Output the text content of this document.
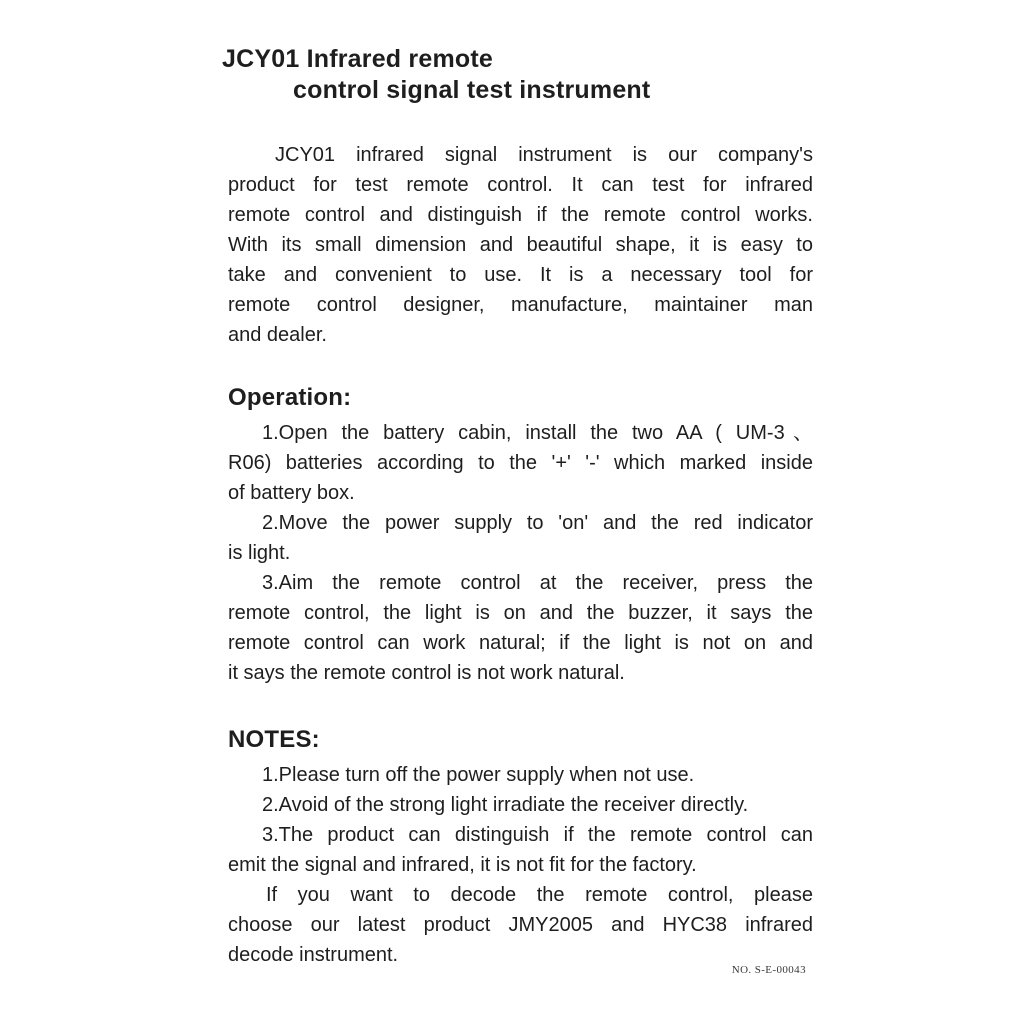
JCY01 Infrared remote
control signal test instrument
JCY01 infrared signal instrument is our company's
product for test remote control. It can test for infrared
remote control and distinguish if the remote control works.
With its small dimension and beautiful shape, it is easy to
take and convenient to use. It is a necessary tool for
remote control designer, manufacture, maintainer man
and dealer.
Operation:
1.Open the battery cabin, install the two AA ( UM-3、
R06) batteries according to the '+' '-' which marked inside
of battery box.
2.Move the power supply to 'on' and the red indicator
is light.
3.Aim the remote control at the receiver, press the
remote control, the light is on and the buzzer, it says the
remote control can work natural; if the light is not on and
it says the remote control is not work natural.
NOTES:
1.Please turn off the power supply when not use.
2.Avoid of the strong light irradiate the receiver directly.
3.The product can distinguish if the remote control can
emit the signal and infrared, it is not fit for the factory.
If you want to decode the remote control, please
choose our latest product JMY2005 and HYC38 infrared
decode instrument.
NO. S-E-00043
